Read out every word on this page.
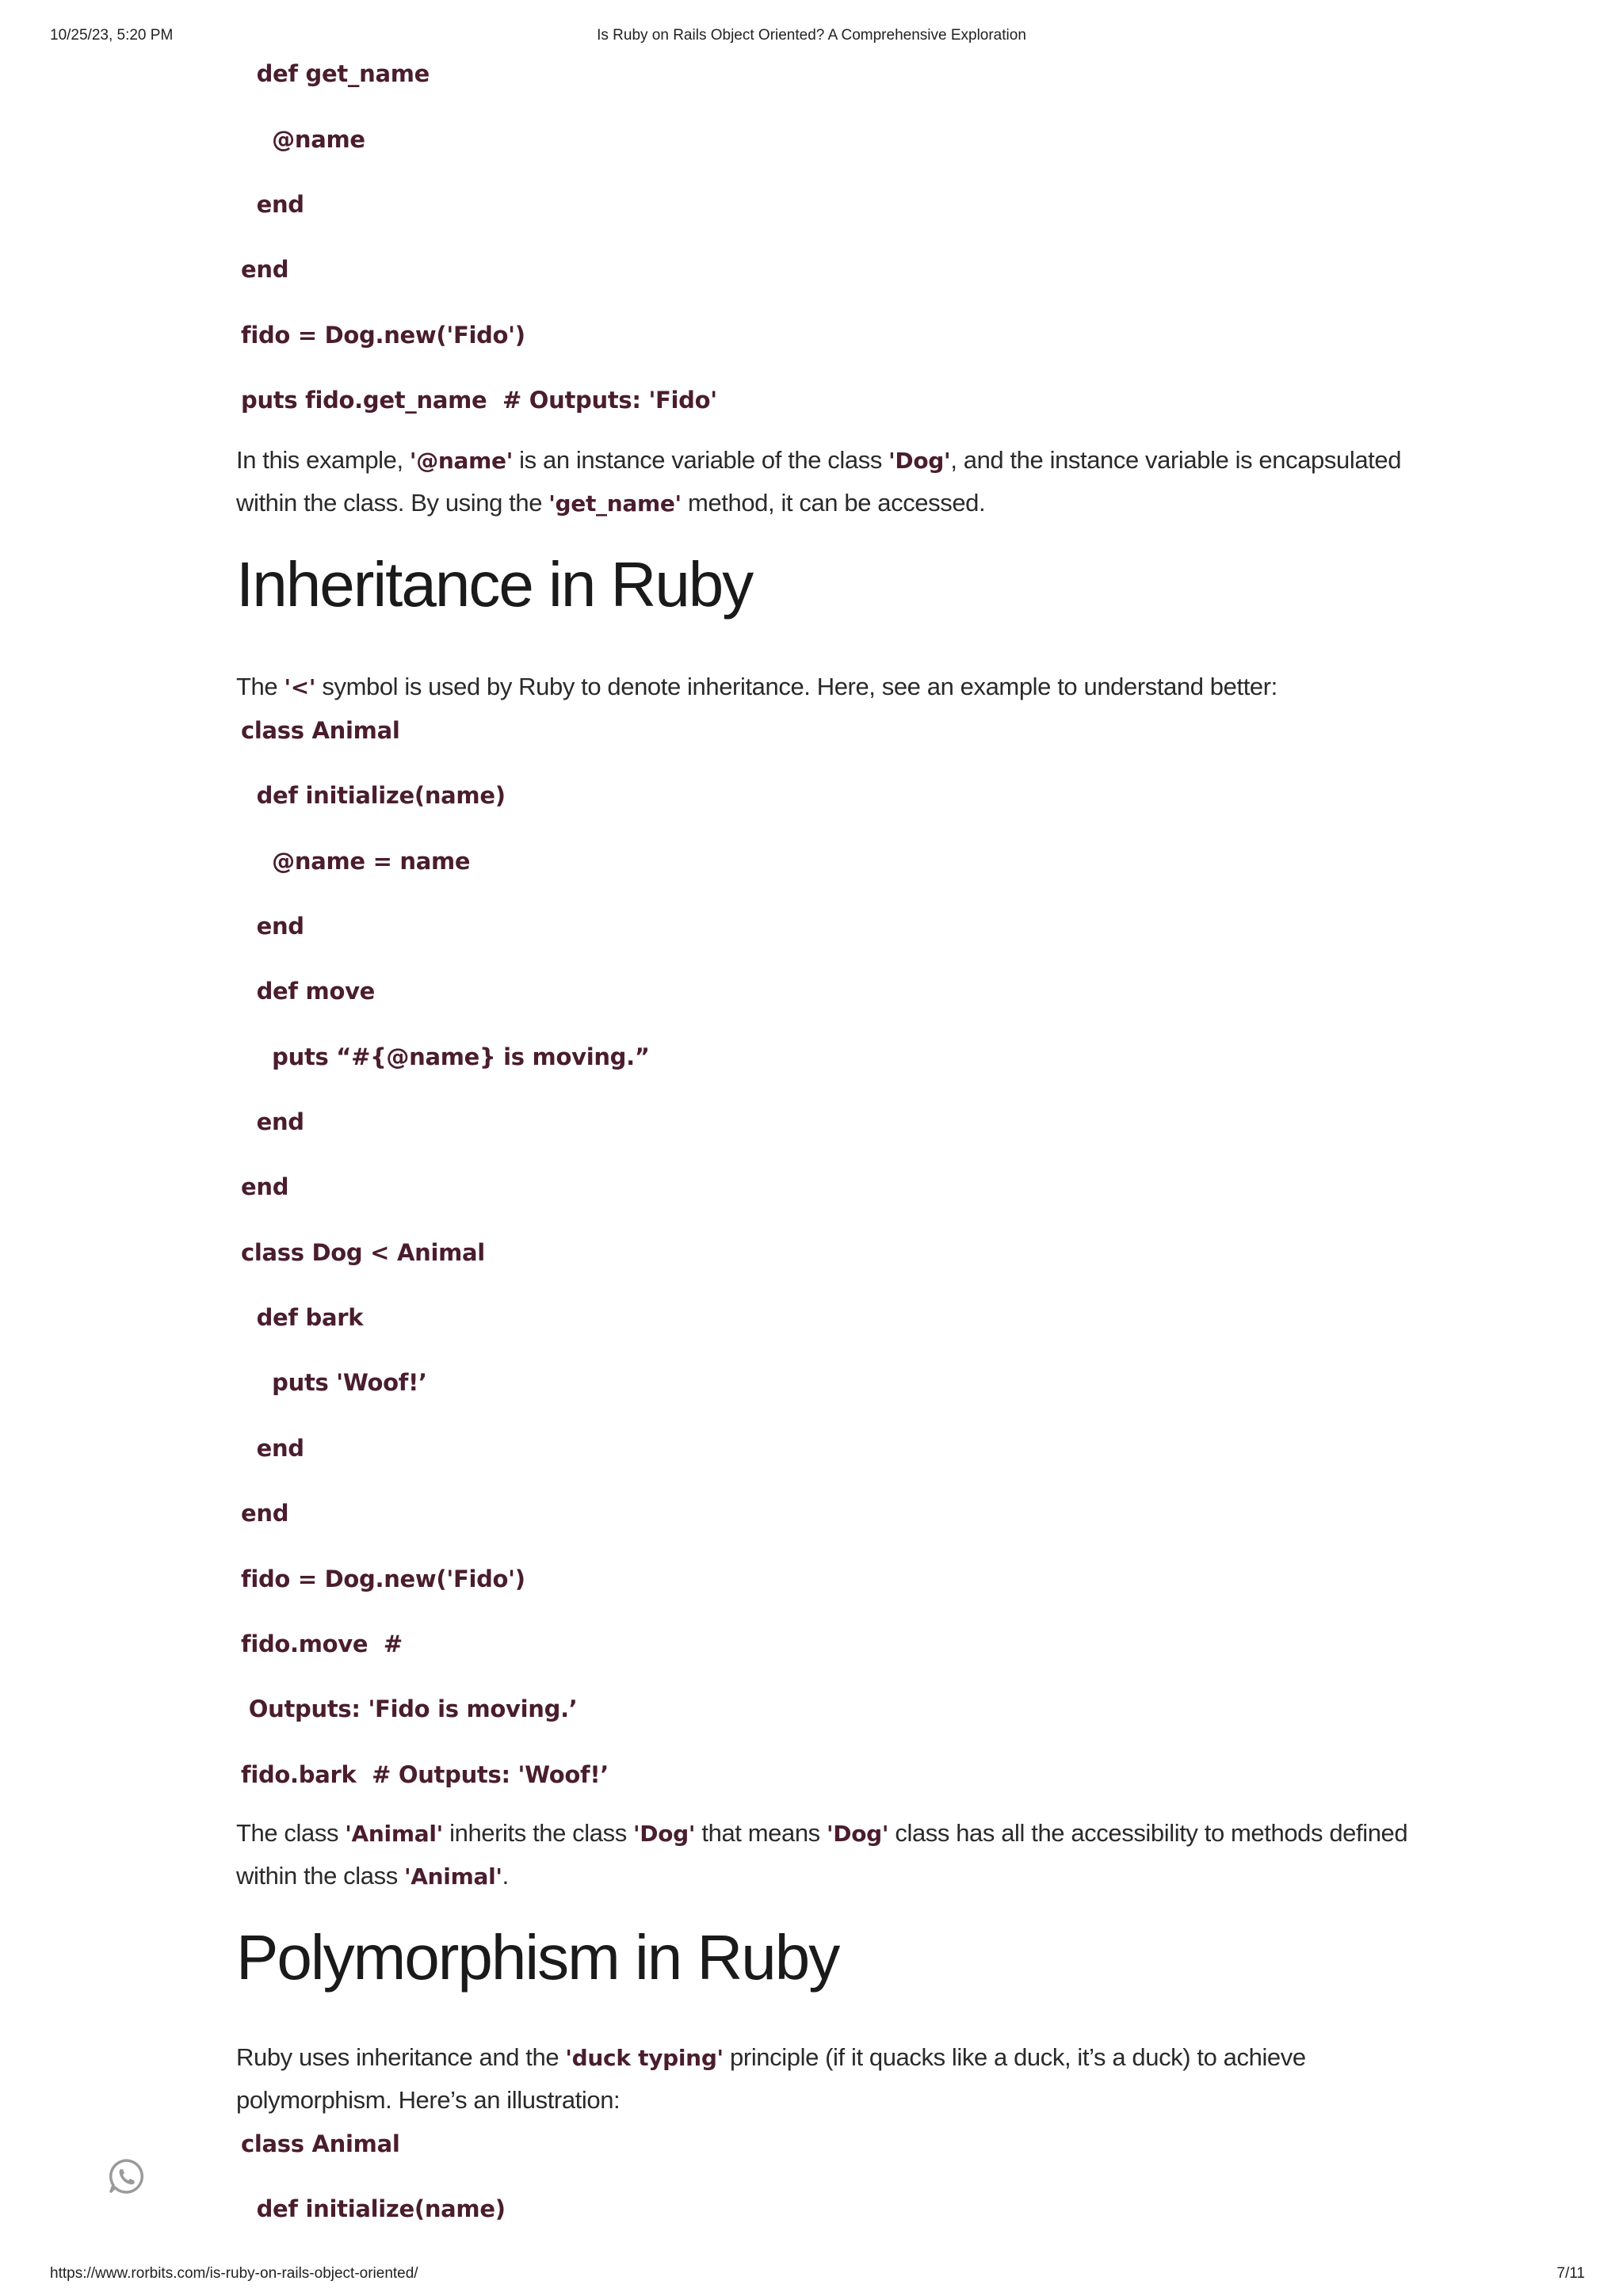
10/25/23, 5:20 PM	Is Ruby on Rails Object Oriented? A Comprehensive Exploration
def get_name
@name
end
end
fido = Dog.new('Fido')
puts fido.get_name  # Outputs: 'Fido'

In this example, '@name' is an instance variable of the class 'Dog', and the instance variable is encapsulated within the class. By using the 'get_name' method, it can be accessed.

Inheritance in Ruby

The '<' symbol is used by Ruby to denote inheritance. Here, see an example to understand better:

class Animal
def initialize(name)
@name = name
end
def move
puts “#{@name} is moving.”
end
end
class Dog < Animal
def bark
puts 'Woof!’
end
end
fido = Dog.new('Fido')
fido.move  #
Outputs: 'Fido is moving.’
fido.bark  # Outputs: 'Woof!’

The class 'Animal' inherits the class 'Dog' that means 'Dog' class has all the accessibility to methods defined within the class 'Animal'.

Polymorphism in Ruby

Ruby uses inheritance and the 'duck typing' principle (if it quacks like a duck, it’s a duck) to achieve polymorphism. Here’s an illustration:

class Animal
def initialize(name)
https://www.rorbits.com/is-ruby-on-rails-object-oriented/	7/11
